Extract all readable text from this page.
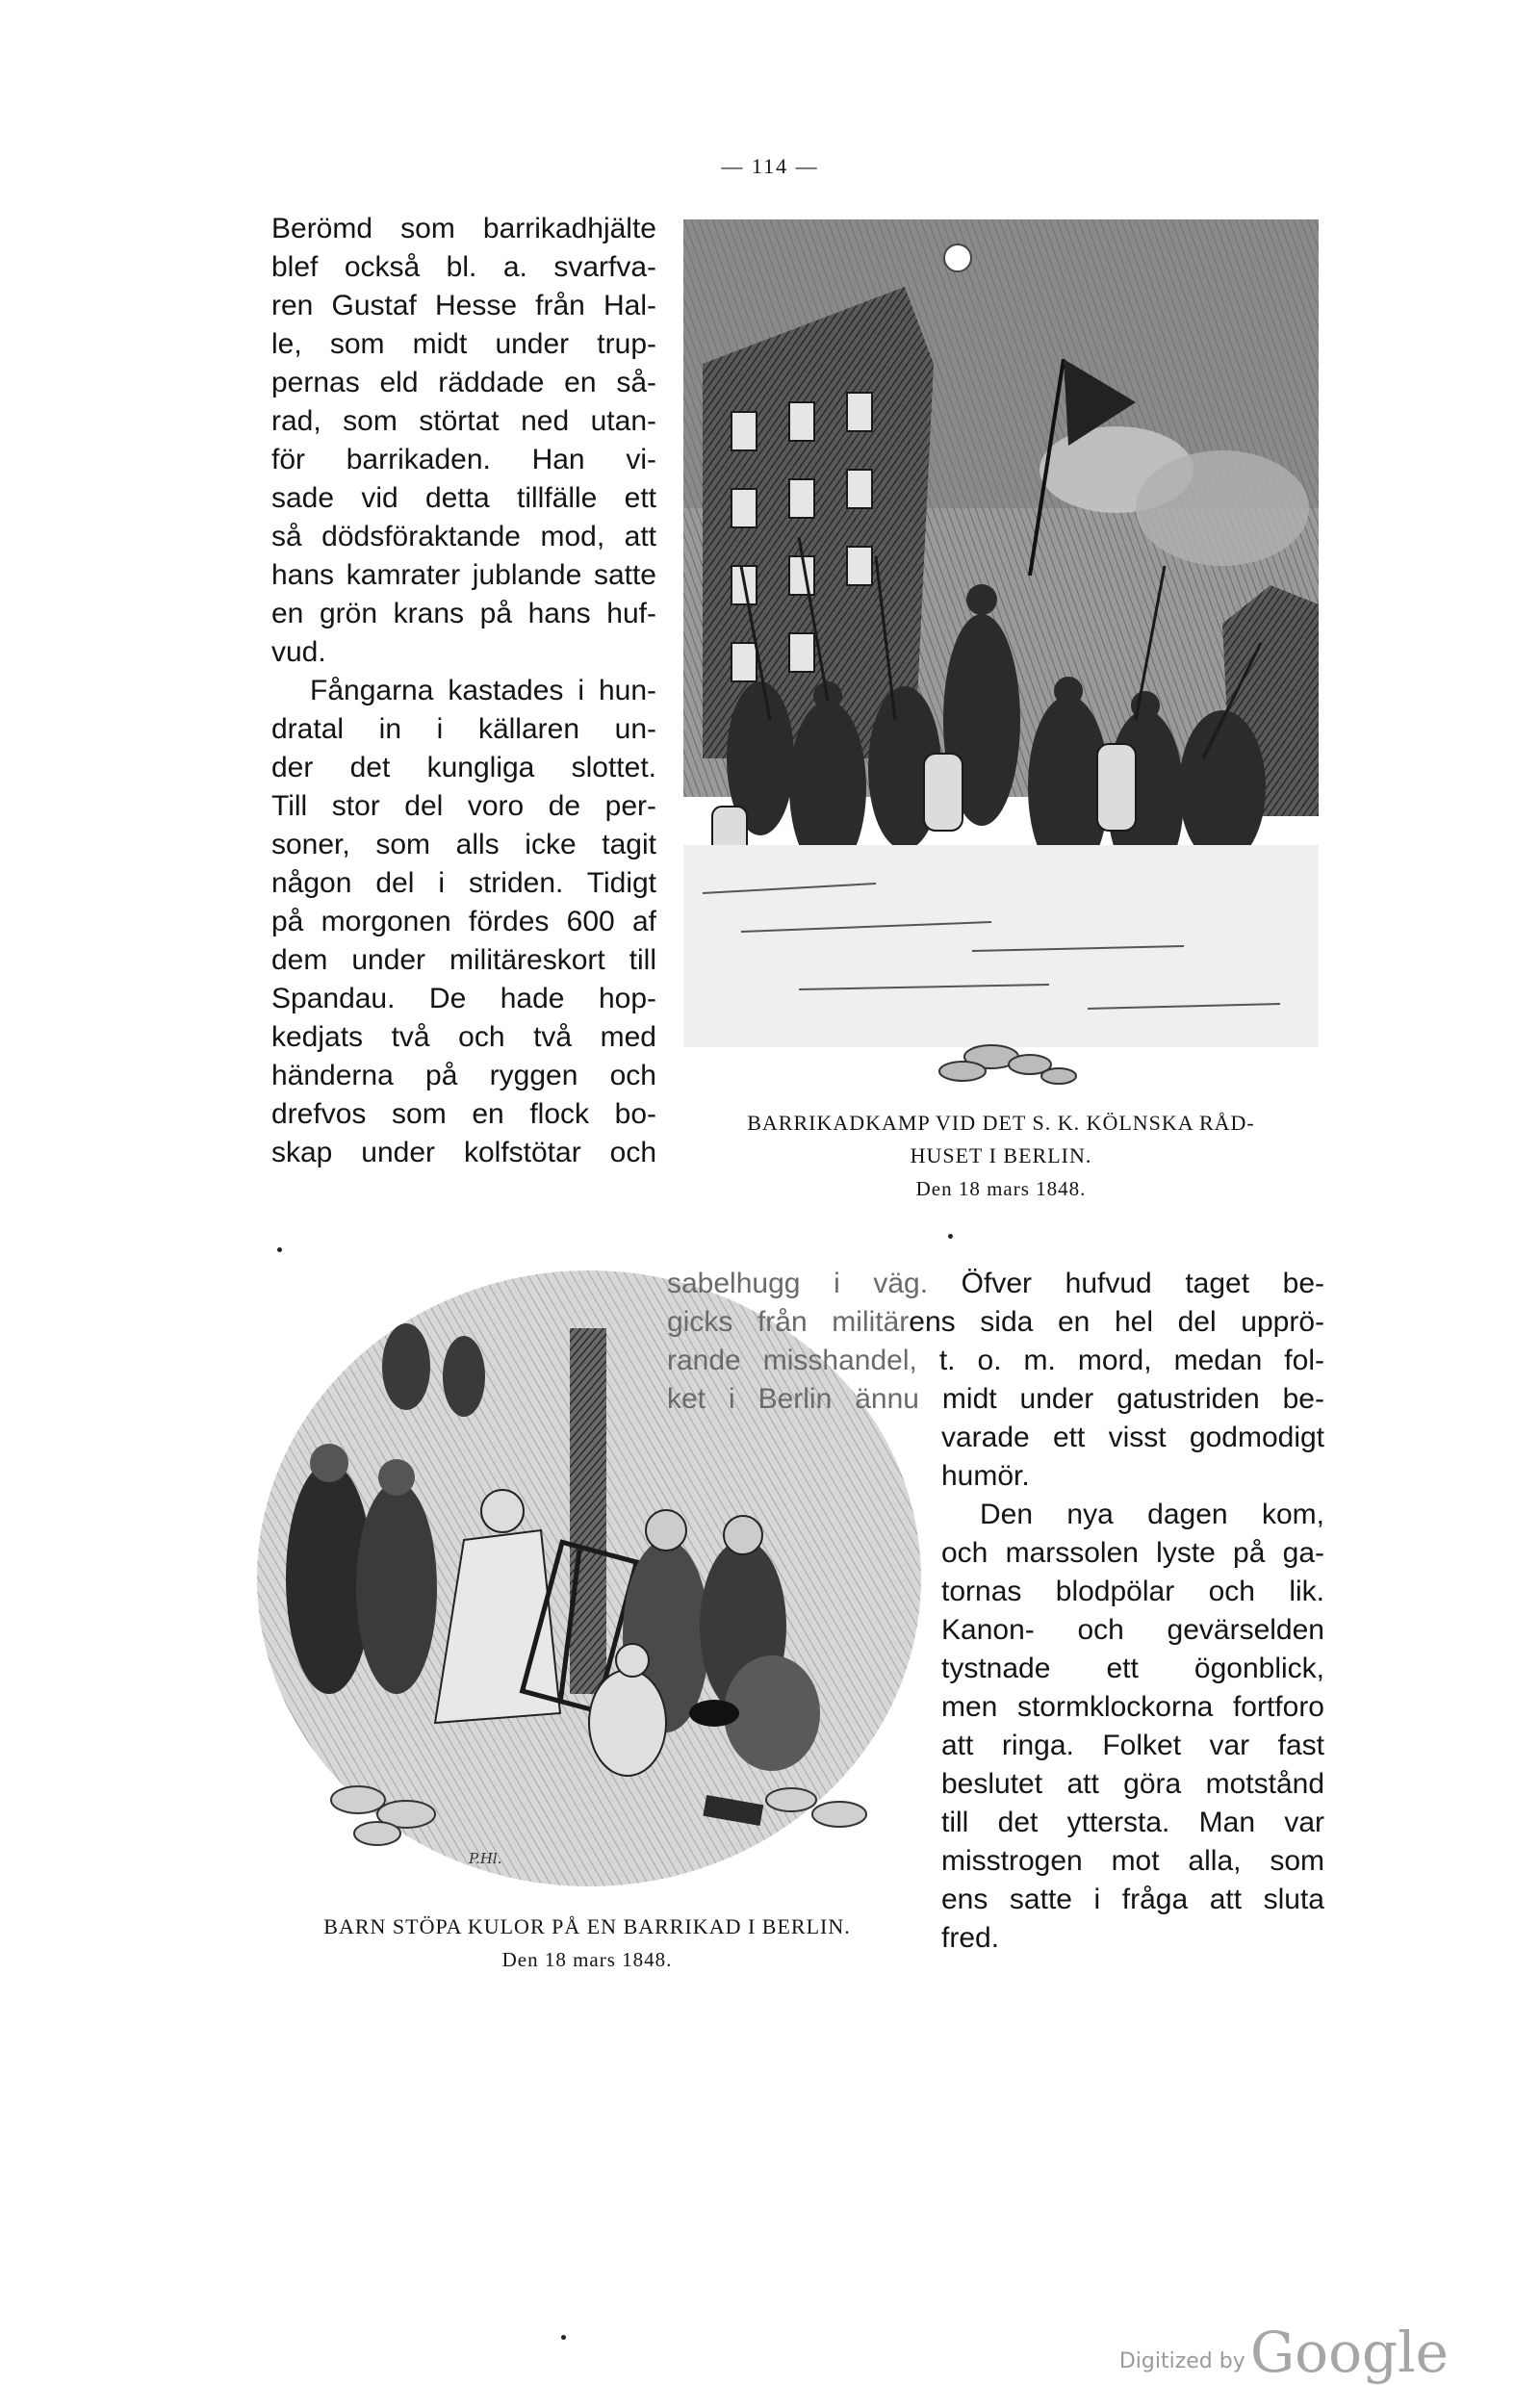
— 114 —
Berömd som barrikadhjälte
blef också bl. a. svarfva-
ren Gustaf Hesse från Hal-
le, som midt under trup-
pernas eld räddade en så-
rad, som störtat ned utan-
för barrikaden. Han vi-
sade vid detta tillfälle ett
så dödsföraktande mod, att
hans kamrater jublande satte
en grön krans på hans huf-
vud.
Fångarna kastades i hun-
dratal in i källaren un-
der det kungliga slottet.
Till stor del voro de per-
soner, som alls icke tagit
någon del i striden. Tidigt
på morgonen fördes 600 af
dem under militäreskort till
Spandau. De hade hop-
kedjats två och två med
händerna på ryggen och
drefvos som en flock bo-
skap under kolfstötar och
BARRIKADKAMP VID DET S. K. KÖLNSKA RÅD-
HUSET I BERLIN.
Den 18 mars 1848.
P.Hl.
BARN STÖPA KULOR PÅ EN BARRIKAD I BERLIN.
Den 18 mars 1848.
sabelhugg i väg. Öfver hufvud taget be-
gicks från militärens sida en hel del upprö-
rande misshandel, t. o. m. mord, medan fol-
ket i Berlin ännu midt under gatustriden be-
varade ett visst godmodigt
humör.
Den nya dagen kom,
och marssolen lyste på ga-
tornas blodpölar och lik.
Kanon- och gevärselden
tystnade ett ögonblick,
men stormklockorna fortforo
att ringa. Folket var fast
beslutet att göra motstånd
till det yttersta. Man var
misstrogen mot alla, som
ens satte i fråga att sluta
fred.
Digitized by Google
